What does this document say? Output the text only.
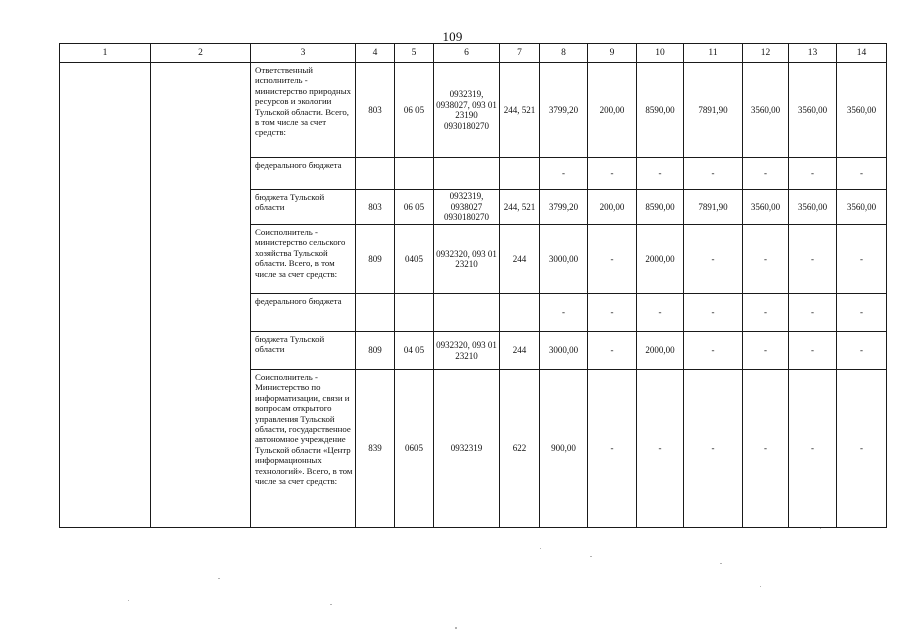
109
1	2	3	4	5	6	7	8	9	10	11	12	13	14
		Ответственный исполнитель - министерство природных ресурсов и экологии Тульской области. Всего, в том числе за счет средств:	803	06 05	0932319, 0938027, 093 01 23190 0930180270	244, 521	3799,20	200,00	8590,00	7891,90	3560,00	3560,00	3560,00
		федерального бюджета					-	-	-	-	-	-	-
		бюджета Тульской области	803	06 05	0932319, 0938027 0930180270	244, 521	3799,20	200,00	8590,00	7891,90	3560,00	3560,00	3560,00
		Соисполнитель - министерство сельского хозяйства Тульской области. Всего, в том числе за счет средств:	809	0405	0932320, 093 01 23210	244	3000,00	-	2000,00	-	-	-	-
		федерального бюджета					-	-	-	-	-	-	-
		бюджета Тульской области	809	04 05	0932320, 093 01 23210	244	3000,00	-	2000,00	-	-	-	-
		Соисполнитель - Министерство по информатизации, связи и вопросам открытого управления Тульской области, государственное автономное учреждение Тульской области «Центр информационных технологий». Всего, в том числе за счет средств:	839	0605	0932319	622	900,00	-	-	-	-	-	-
